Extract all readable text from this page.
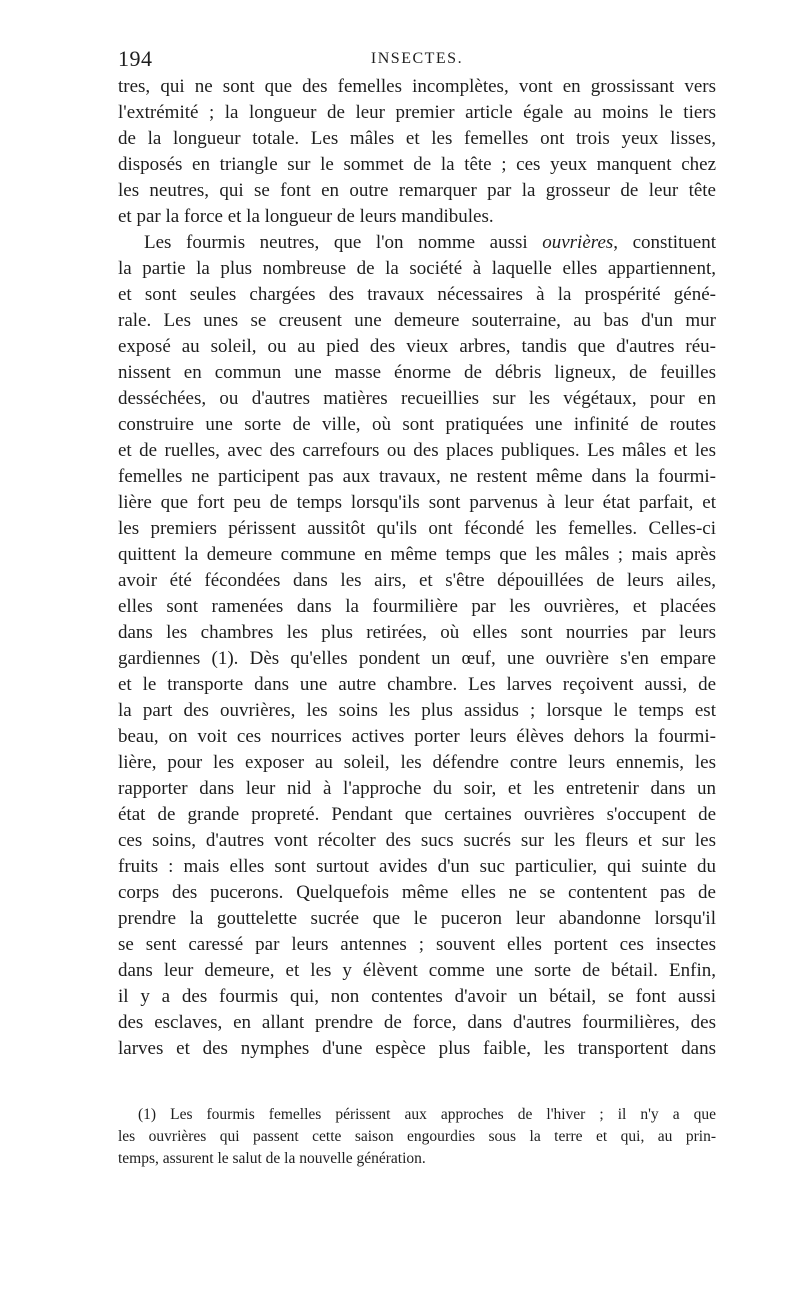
194	INSECTES.
tres, qui ne sont que des femelles incomplètes, vont en grossissant vers
l'extrémité ; la longueur de leur premier article égale au moins le tiers
de la longueur totale. Les mâles et les femelles ont trois yeux lisses,
disposés en triangle sur le sommet de la tête ; ces yeux manquent chez
les neutres, qui se font en outre remarquer par la grosseur de leur tête
et par la force et la longueur de leurs mandibules.
Les fourmis neutres, que l'on nomme aussi ouvrières, constituent
la partie la plus nombreuse de la société à laquelle elles appartiennent,
et sont seules chargées des travaux nécessaires à la prospérité géné-
rale. Les unes se creusent une demeure souterraine, au bas d'un mur
exposé au soleil, ou au pied des vieux arbres, tandis que d'autres réu-
nissent en commun une masse énorme de débris ligneux, de feuilles
desséchées, ou d'autres matières recueillies sur les végétaux, pour en
construire une sorte de ville, où sont pratiquées une infinité de routes
et de ruelles, avec des carrefours ou des places publiques. Les mâles et les
femelles ne participent pas aux travaux, ne restent même dans la fourmi-
lière que fort peu de temps lorsqu'ils sont parvenus à leur état parfait, et
les premiers périssent aussitôt qu'ils ont fécondé les femelles. Celles-ci
quittent la demeure commune en même temps que les mâles ; mais après
avoir été fécondées dans les airs, et s'être dépouillées de leurs ailes,
elles sont ramenées dans la fourmilière par les ouvrières, et placées
dans les chambres les plus retirées, où elles sont nourries par leurs
gardiennes (1). Dès qu'elles pondent un œuf, une ouvrière s'en empare
et le transporte dans une autre chambre. Les larves reçoivent aussi, de
la part des ouvrières, les soins les plus assidus ; lorsque le temps est
beau, on voit ces nourrices actives porter leurs élèves dehors la fourmi-
lière, pour les exposer au soleil, les défendre contre leurs ennemis, les
rapporter dans leur nid à l'approche du soir, et les entretenir dans un
état de grande propreté. Pendant que certaines ouvrières s'occupent de
ces soins, d'autres vont récolter des sucs sucrés sur les fleurs et sur les
fruits : mais elles sont surtout avides d'un suc particulier, qui suinte du
corps des pucerons. Quelquefois même elles ne se contentent pas de
prendre la gouttelette sucrée que le puceron leur abandonne lorsqu'il
se sent caressé par leurs antennes ; souvent elles portent ces insectes
dans leur demeure, et les y élèvent comme une sorte de bétail. Enfin,
il y a des fourmis qui, non contentes d'avoir un bétail, se font aussi
des esclaves, en allant prendre de force, dans d'autres fourmilières, des
larves et des nymphes d'une espèce plus faible, les transportent dans
(1) Les fourmis femelles périssent aux approches de l'hiver ; il n'y a que
les ouvrières qui passent cette saison engourdies sous la terre et qui, au prin-
temps, assurent le salut de la nouvelle génération.
